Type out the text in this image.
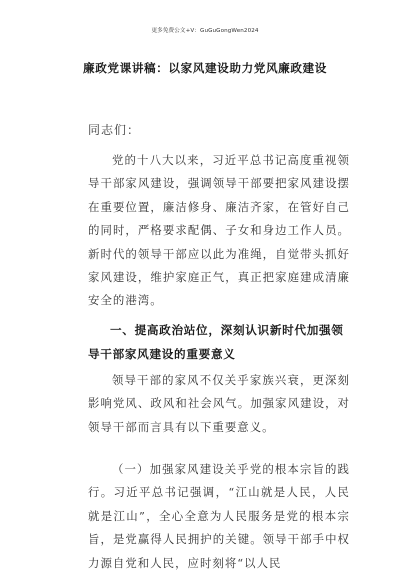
更多免费公文+V：GuGuGongWen2024
廉政党课讲稿：以家风建设助力党风廉政建设
同志们：

党的十八大以来，习近平总书记高度重视领导干部家风建设，强调领导干部要把家风建设摆在重要位置，廉洁修身、廉洁齐家，在管好自己的同时，严格要求配偶、子女和身边工作人员。新时代的领导干部应以此为准绳，自觉带头抓好家风建设，维护家庭正气，真正把家庭建成清廉安全的港湾。

一、提高政治站位，深刻认识新时代加强领导干部家风建设的重要意义

领导干部的家风不仅关乎家族兴衰，更深刻影响党风、政风和社会风气。加强家风建设，对领导干部而言具有以下重要意义。

（一）加强家风建设关乎党的根本宗旨的践行。习近平总书记强调，“江山就是人民，人民就是江山”，全心全意为人民服务是党的根本宗旨，是党赢得人民拥护的关键。领导干部手中权力源自党和人民，应时刻将“以人民
